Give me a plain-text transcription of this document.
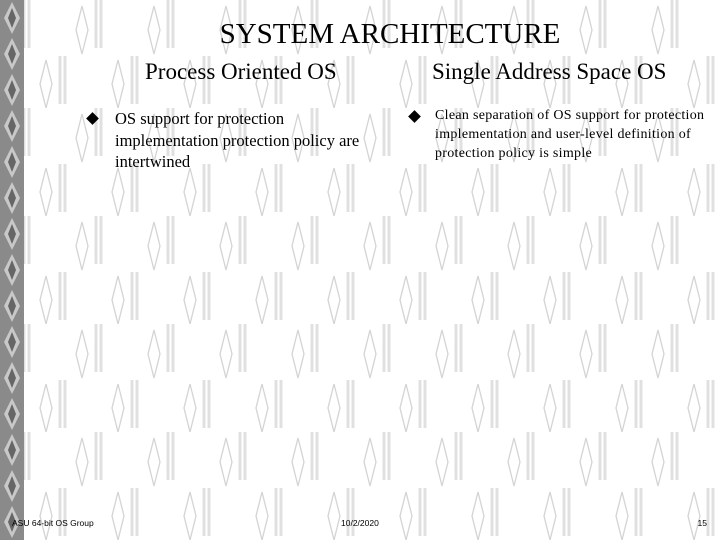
SYSTEM ARCHITECTURE
Process Oriented OS	Single Address Space OS
OS support for protection implementation protection policy are intertwined
Clean separation of OS support for protection implementation and user-level definition of protection policy is simple
ASU 64-bit OS Group	10/2/2020	15
